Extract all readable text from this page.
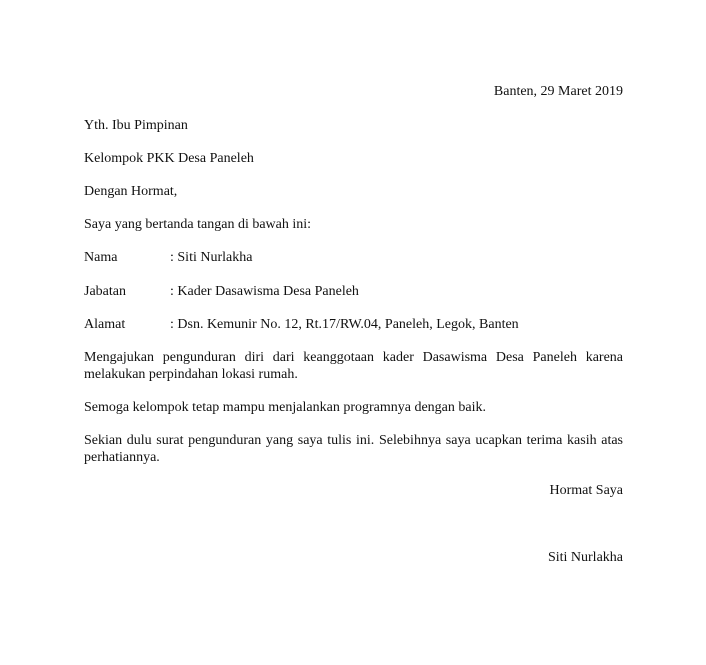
Banten, 29 Maret 2019
Yth. Ibu Pimpinan
Kelompok PKK Desa Paneleh
Dengan Hormat,
Saya yang bertanda tangan di bawah ini:
Nama	: Siti Nurlakha
Jabatan	: Kader Dasawisma Desa Paneleh
Alamat	: Dsn. Kemunir No. 12, Rt.17/RW.04, Paneleh, Legok, Banten
Mengajukan pengunduran diri dari keanggotaan kader Dasawisma Desa Paneleh karena melakukan perpindahan lokasi rumah.
Semoga kelompok tetap mampu menjalankan programnya dengan baik.
Sekian dulu surat pengunduran yang saya tulis ini. Selebihnya saya ucapkan terima kasih atas perhatiannya.
Hormat Saya
Siti Nurlakha
